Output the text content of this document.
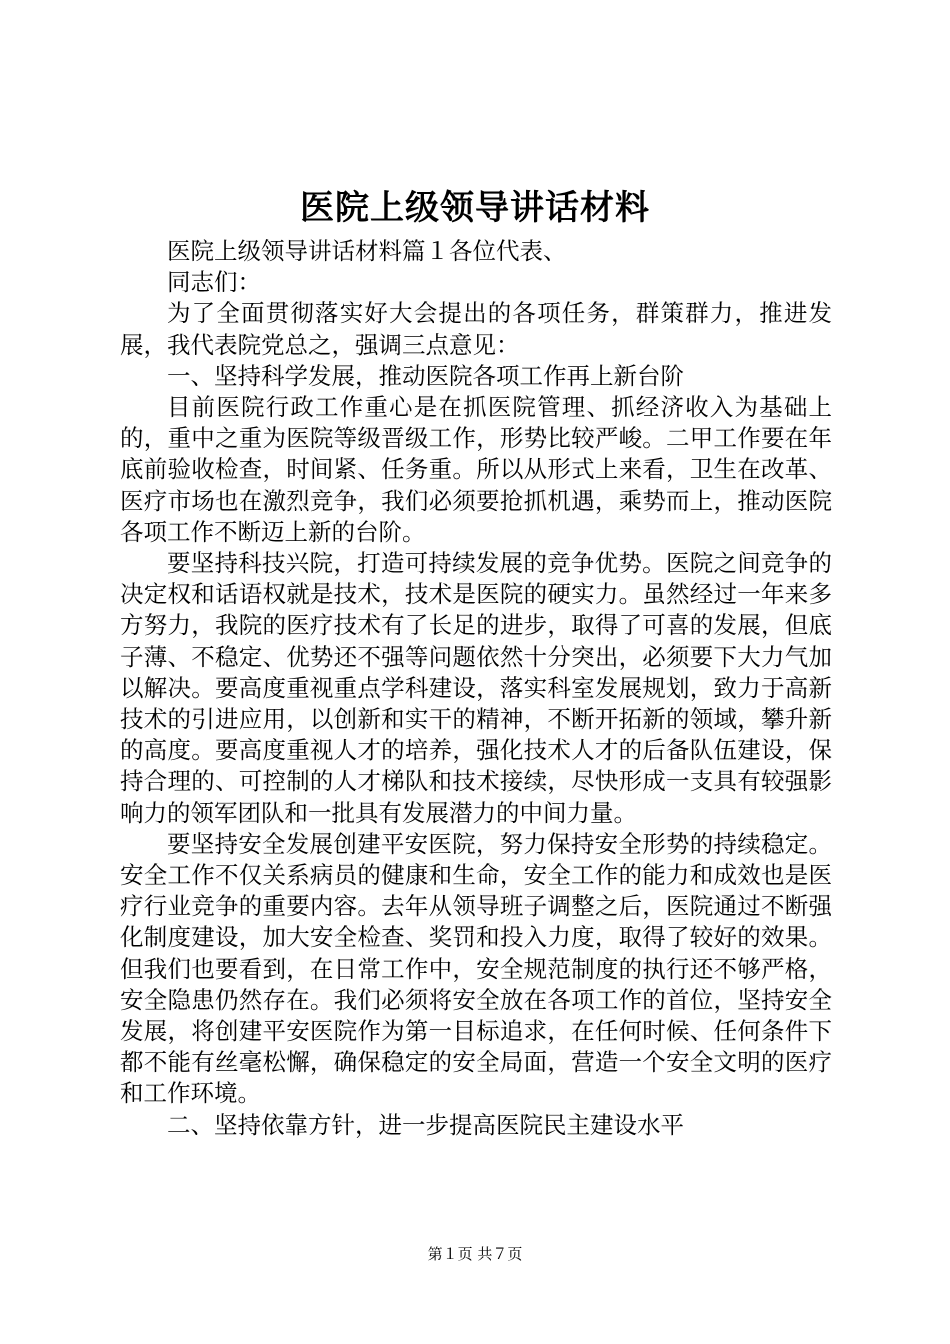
医院上级领导讲话材料

医院上级领导讲话材料篇１各位代表、

同志们：

为了全面贯彻落实好大会提出的各项任务，群策群力，推进发展，我代表院党总之，强调三点意见：

一、坚持科学发展，推动医院各项工作再上新台阶

目前医院行政工作重心是在抓医院管理、抓经济收入为基础上的，重中之重为医院等级晋级工作，形势比较严峻。二甲工作要在年底前验收检查，时间紧、任务重。所以从形式上来看，卫生在改革、医疗市场也在激烈竞争，我们必须要抢抓机遇，乘势而上，推动医院各项工作不断迈上新的台阶。

要坚持科技兴院，打造可持续发展的竞争优势。医院之间竞争的决定权和话语权就是技术，技术是医院的硬实力。虽然经过一年来多方努力，我院的医疗技术有了长足的进步，取得了可喜的发展，但底子薄、不稳定、优势还不强等问题依然十分突出，必须要下大力气加以解决。要高度重视重点学科建设，落实科室发展规划，致力于高新技术的引进应用，以创新和实干的精神，不断开拓新的领域，攀升新的高度。要高度重视人才的培养，强化技术人才的后备队伍建设，保持合理的、可控制的人才梯队和技术接续，尽快形成一支具有较强影响力的领军团队和一批具有发展潜力的中间力量。

要坚持安全发展创建平安医院，努力保持安全形势的持续稳定。安全工作不仅关系病员的健康和生命，安全工作的能力和成效也是医疗行业竞争的重要内容。去年从领导班子调整之后，医院通过不断强化制度建设，加大安全检查、奖罚和投入力度，取得了较好的效果。但我们也要看到，在日常工作中，安全规范制度的执行还不够严格，安全隐患仍然存在。我们必须将安全放在各项工作的首位，坚持安全发展，将创建平安医院作为第一目标追求，在任何时候、任何条件下都不能有丝毫松懈，确保稳定的安全局面，营造一个安全文明的医疗和工作环境。

二、坚持依靠方针，进一步提高医院民主建设水平

第１页 共７页
